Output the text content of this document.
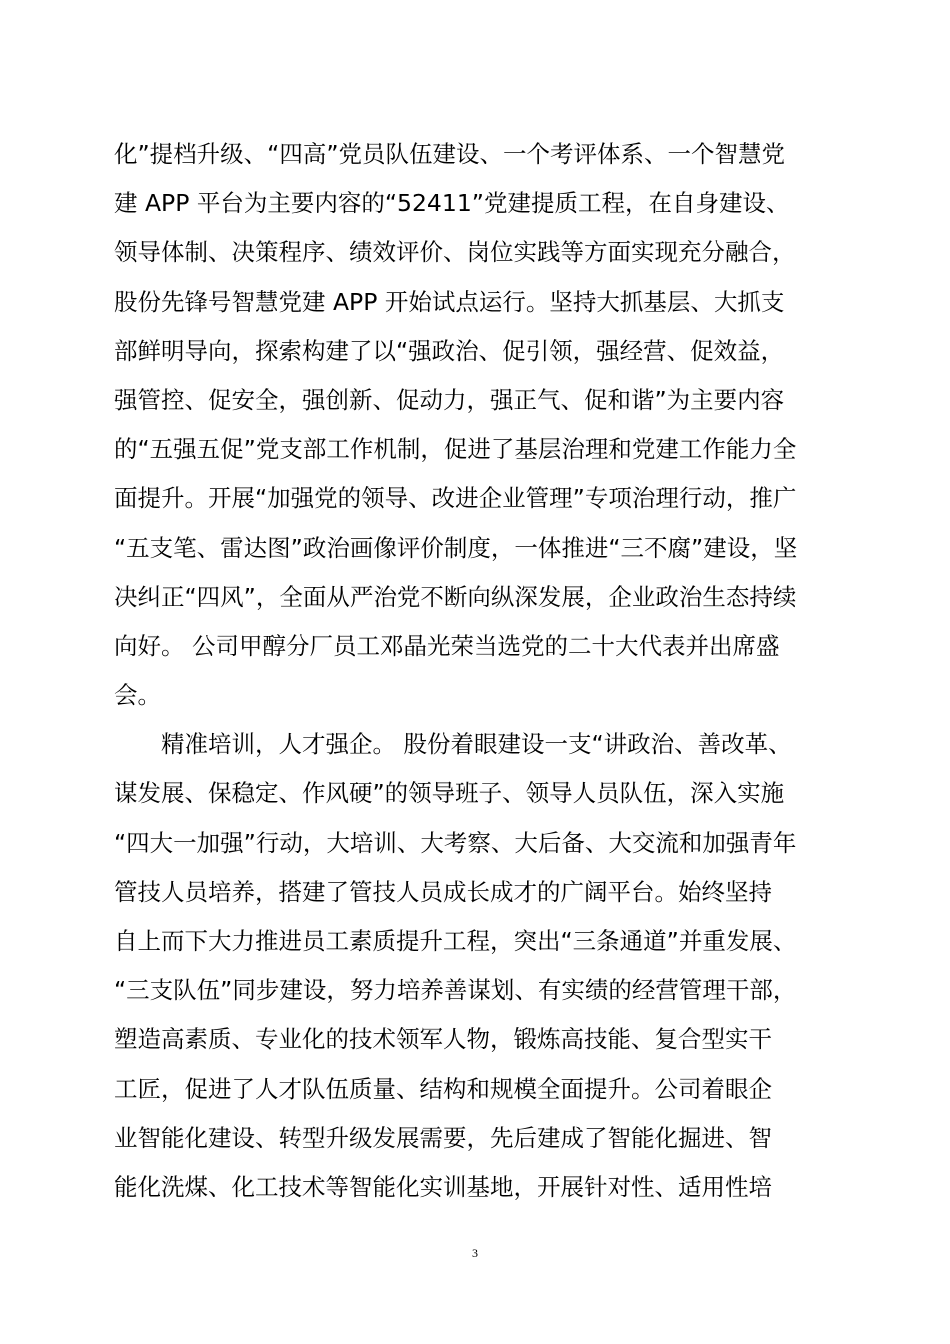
化”提档升级、“四高”党员队伍建设、一个考评体系、一个智慧党
建 APP 平台为主要内容的“52411”党建提质工程，在自身建设、
领导体制、决策程序、绩效评价、岗位实践等方面实现充分融合，
股份先锋号智慧党建 APP 开始试点运行。坚持大抓基层、大抓支
部鲜明导向，探索构建了以“强政治、促引领，强经营、促效益，
强管控、促安全，强创新、促动力，强正气、促和谐”为主要内容
的“五强五促”党支部工作机制，促进了基层治理和党建工作能力全
面提升。开展“加强党的领导、改进企业管理”专项治理行动，推广
“五支笔、雷达图”政治画像评价制度，一体推进“三不腐”建设，坚
决纠正“四风”，全面从严治党不断向纵深发展，企业政治生态持续
向好。 公司甲醇分厂员工邓晶光荣当选党的二十大代表并出席盛
会。
精准培训，人才强企。 股份着眼建设一支“讲政治、善改革、
谋发展、保稳定、作风硬”的领导班子、领导人员队伍，深入实施
“四大一加强”行动，大培训、大考察、大后备、大交流和加强青年
管技人员培养，搭建了管技人员成长成才的广阔平台。始终坚持
自上而下大力推进员工素质提升工程，突出“三条通道”并重发展、
“三支队伍”同步建设，努力培养善谋划、有实绩的经营管理干部，
塑造高素质、专业化的技术领军人物，锻炼高技能、复合型实干
工匠，促进了人才队伍质量、结构和规模全面提升。公司着眼企
业智能化建设、转型升级发展需要，先后建成了智能化掘进、智
能化洗煤、化工技术等智能化实训基地，开展针对性、适用性培
3
